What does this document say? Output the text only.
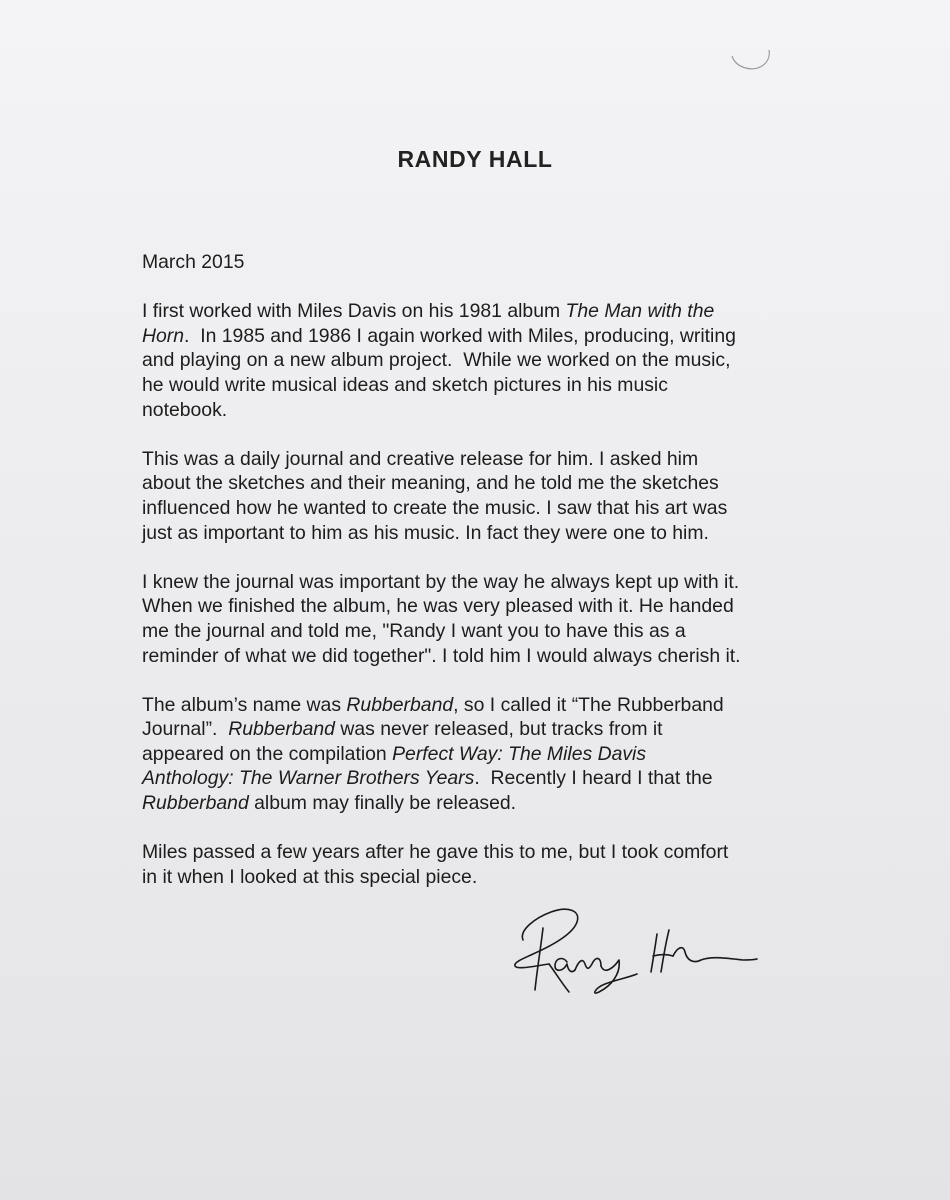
RANDY HALL

March 2015

I first worked with Miles Davis on his 1981 album The Man with the
Horn.  In 1985 and 1986 I again worked with Miles, producing, writing
and playing on a new album project.  While we worked on the music,
he would write musical ideas and sketch pictures in his music
notebook.

This was a daily journal and creative release for him. I asked him
about the sketches and their meaning, and he told me the sketches
influenced how he wanted to create the music. I saw that his art was
just as important to him as his music. In fact they were one to him.

I knew the journal was important by the way he always kept up with it.
When we finished the album, he was very pleased with it. He handed
me the journal and told me, "Randy I want you to have this as a
reminder of what we did together". I told him I would always cherish it.

The album’s name was Rubberband, so I called it “The Rubberband
Journal”.  Rubberband was never released, but tracks from it
appeared on the compilation Perfect Way: The Miles Davis
Anthology: The Warner Brothers Years.  Recently I heard I that the
Rubberband album may finally be released.

Miles passed a few years after he gave this to me, but I took comfort
in it when I looked at this special piece.
